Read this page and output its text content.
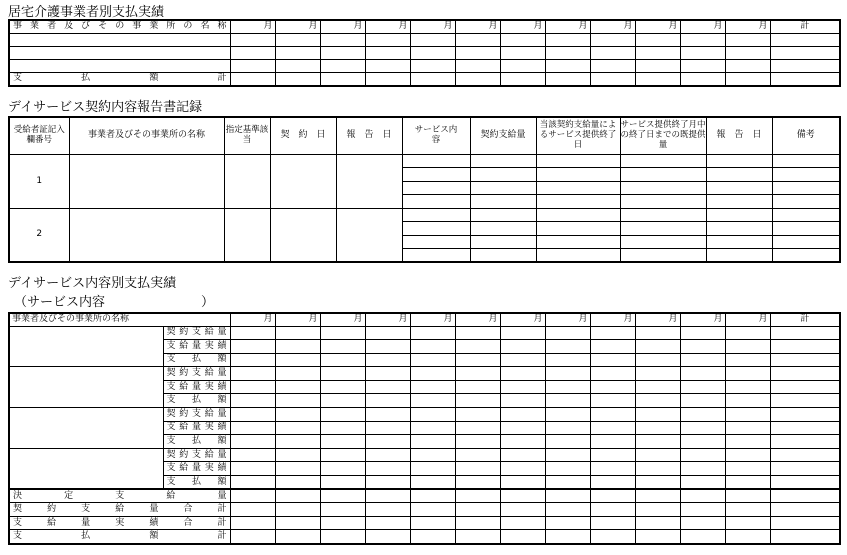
居宅介護事業者別支払実績
事業者及びその事業所の名称	月	月	月	月	月	月	月	月	月	月	月	月	計

支　払　額　計													
デイサービス契約内容報告書記録
受給者証記入欄番号	事業者及びその事業所の名称	指定基準該当	契　約　日	報　告　日	サービス内　　容	契約支給量	当該契約支給量によるサービス提供終了日	サービス提供終了月中の終了日までの既提供量	報　告　日	備考
1										

2										

デイサービス内容別支払実績
（サービス内容	）
事業者及びその事業所の名称		月	月	月	月	月	月	月	月	月	月	月	月	計
	契約支給量													
	支給量実績													
	支　払　額													
	契約支給量													
	支給量実績													
	支　払　額													
	契約支給量													
	支給量実績													
	支　払　額													
	契約支給量													
	支給量実績													
	支　払　額													
決　定　支　給　量														
契　約　支　給　量　合　計														
支　給　量　実　績　合　計														
支　払　額　計														
